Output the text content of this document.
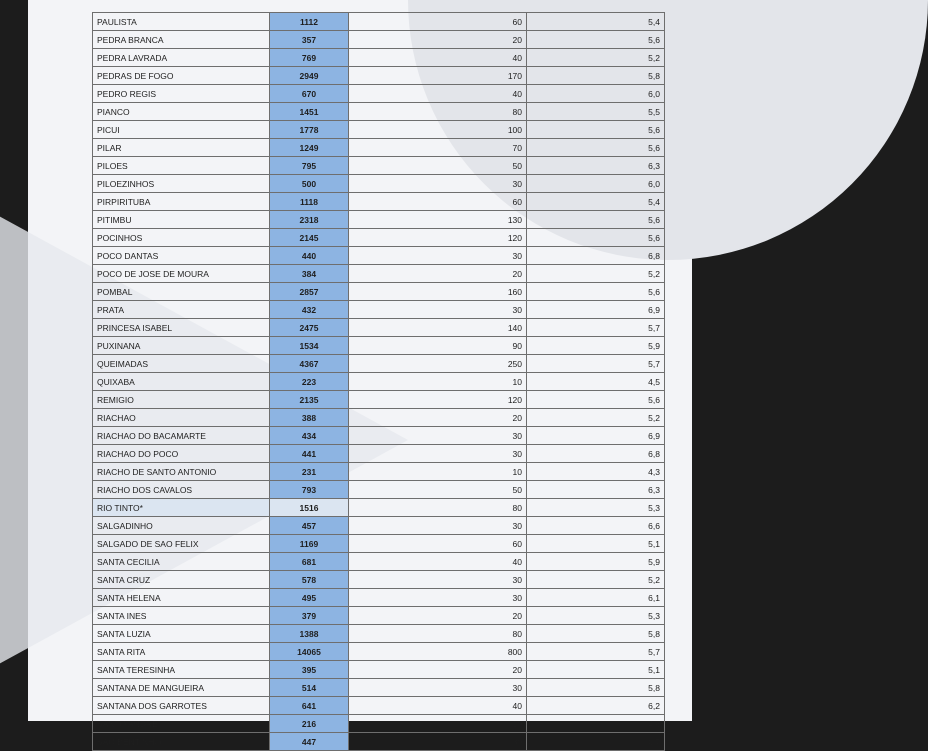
PAULISTA	1112	60	5,4
PEDRA BRANCA	357	20	5,6
PEDRA LAVRADA	769	40	5,2
PEDRAS DE FOGO	2949	170	5,8
PEDRO REGIS	670	40	6,0
PIANCO	1451	80	5,5
PICUI	1778	100	5,6
PILAR	1249	70	5,6
PILOES	795	50	6,3
PILOEZINHOS	500	30	6,0
PIRPIRITUBA	1118	60	5,4
PITIMBU	2318	130	5,6
POCINHOS	2145	120	5,6
POCO DANTAS	440	30	6,8
POCO DE JOSE DE MOURA	384	20	5,2
POMBAL	2857	160	5,6
PRATA	432	30	6,9
PRINCESA ISABEL	2475	140	5,7
PUXINANA	1534	90	5,9
QUEIMADAS	4367	250	5,7
QUIXABA	223	10	4,5
REMIGIO	2135	120	5,6
RIACHAO	388	20	5,2
RIACHAO DO BACAMARTE	434	30	6,9
RIACHAO DO POCO	441	30	6,8
RIACHO DE SANTO ANTONIO	231	10	4,3
RIACHO DOS CAVALOS	793	50	6,3
RIO TINTO*	1516	80	5,3
SALGADINHO	457	30	6,6
SALGADO DE SAO FELIX	1169	60	5,1
SANTA CECILIA	681	40	5,9
SANTA CRUZ	578	30	5,2
SANTA HELENA	495	30	6,1
SANTA INES	379	20	5,3
SANTA LUZIA	1388	80	5,8
SANTA RITA	14065	800	5,7
SANTA TERESINHA	395	20	5,1
SANTANA DE MANGUEIRA	514	30	5,8
SANTANA DOS GARROTES	641	40	6,2
SANTO ANDRE	216	10	4,6
SAO BENTINHO	447	30	6,7
